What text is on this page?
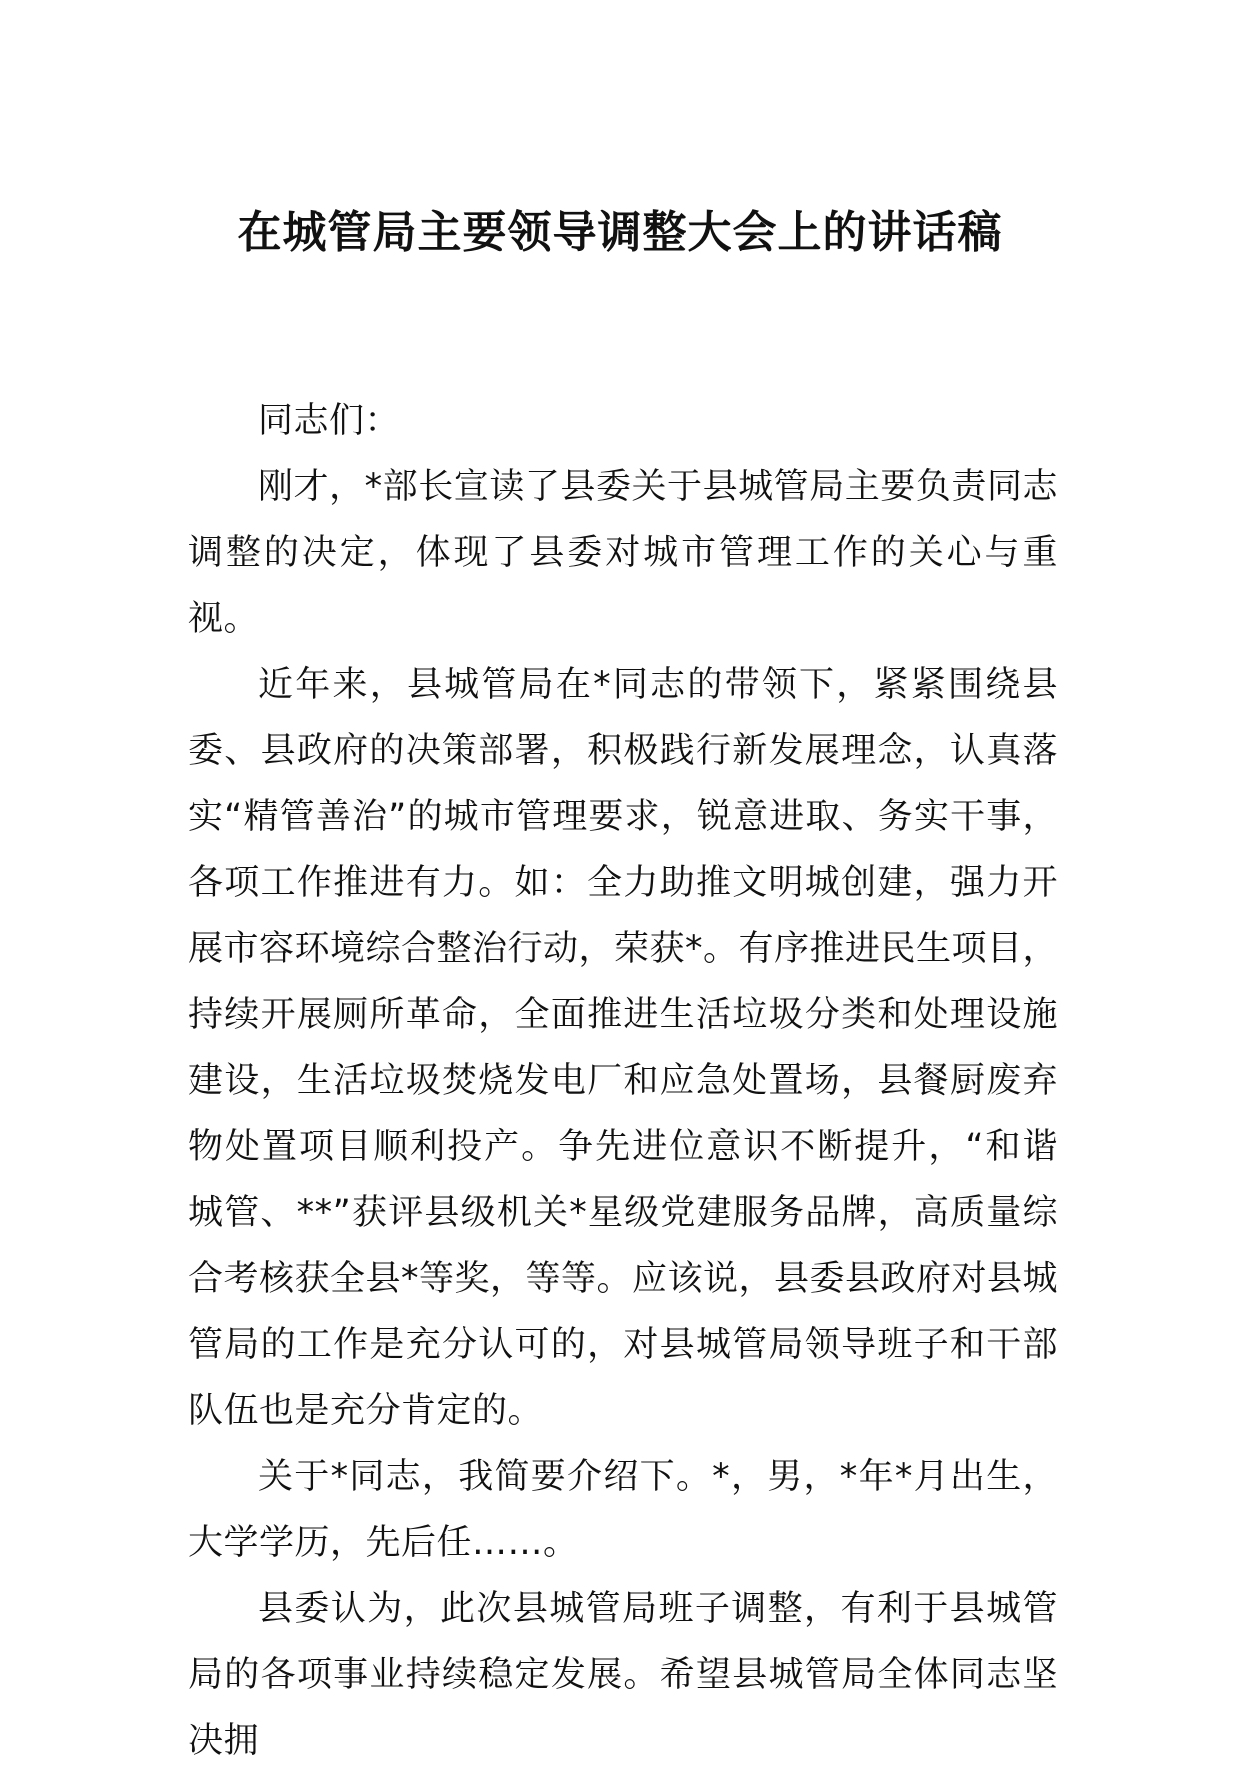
在城管局主要领导调整大会上的讲话稿

同志们：

刚才，*部长宣读了县委关于县城管局主要负责同志调整的决定，体现了县委对城市管理工作的关心与重视。

近年来，县城管局在*同志的带领下，紧紧围绕县委、县政府的决策部署，积极践行新发展理念，认真落实“精管善治”的城市管理要求，锐意进取、务实干事，各项工作推进有力。如：全力助推文明城创建，强力开展市容环境综合整治行动，荣获*。有序推进民生项目，持续开展厕所革命，全面推进生活垃圾分类和处理设施建设，生活垃圾焚烧发电厂和应急处置场，县餐厨废弃物处置项目顺利投产。争先进位意识不断提升，“和谐城管、**”获评县级机关*星级党建服务品牌，高质量综合考核获全县*等奖，等等。应该说，县委县政府对县城管局的工作是充分认可的，对县城管局领导班子和干部队伍也是充分肯定的。

关于*同志，我简要介绍下。*，男，*年*月出生，大学学历，先后任……。

县委认为，此次县城管局班子调整，有利于县城管局的各项事业持续稳定发展。希望县城管局全体同志坚决拥
